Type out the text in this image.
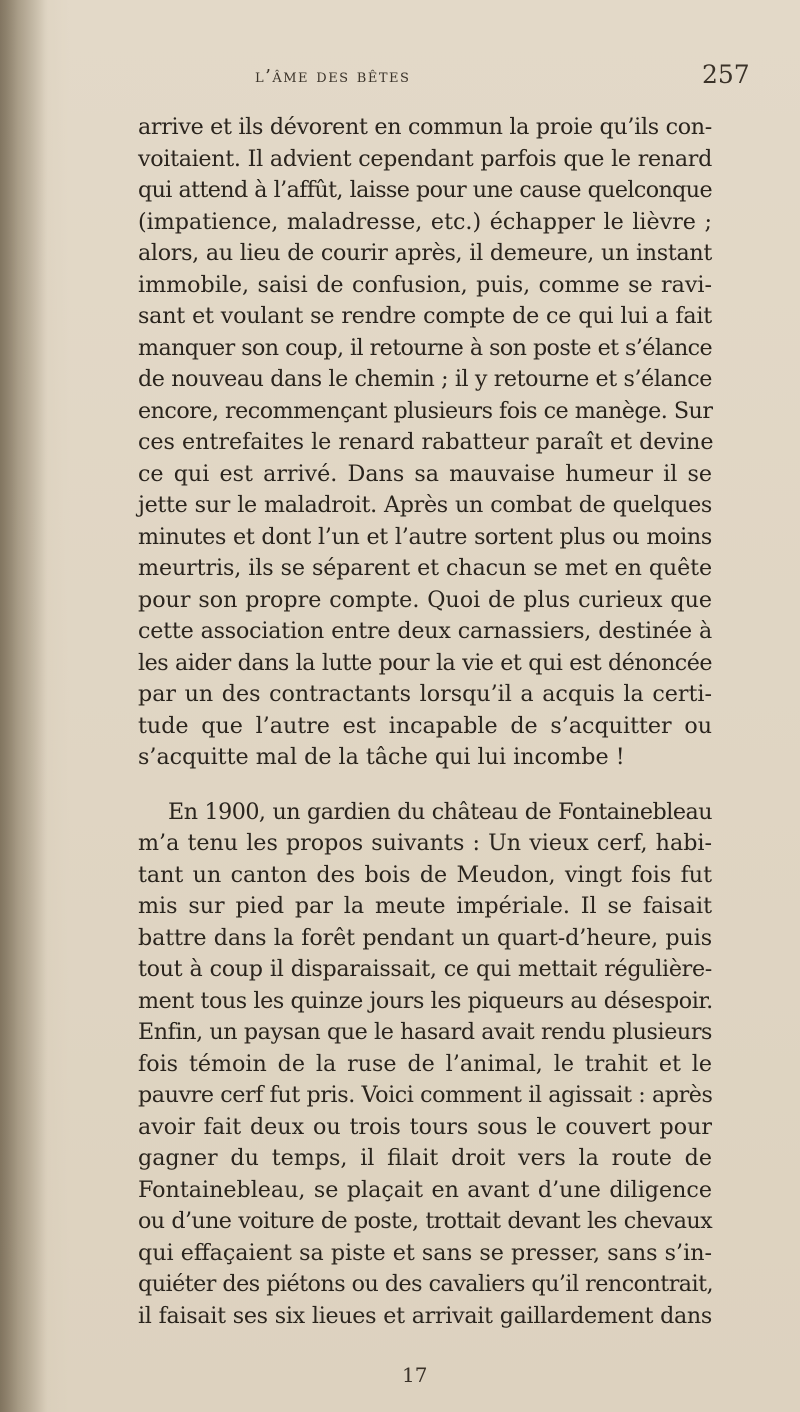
l’âme des bêtes	257
arrive et ils dévorent en commun la proie qu’ils con-
voitaient. Il advient cependant parfois que le renard
qui attend à l’affût, laisse pour une cause quelconque
(impatience, maladresse, etc.) échapper le lièvre ;
alors, au lieu de courir après, il demeure, un instant
immobile, saisi de confusion, puis, comme se ravi-
sant et voulant se rendre compte de ce qui lui a fait
manquer son coup, il retourne à son poste et s’élance
de nouveau dans le chemin ; il y retourne et s’élance
encore, recommençant plusieurs fois ce manège. Sur
ces entrefaites le renard rabatteur paraît et devine
ce qui est arrivé. Dans sa mauvaise humeur il se
jette sur le maladroit. Après un combat de quelques
minutes et dont l’un et l’autre sortent plus ou moins
meurtris, ils se séparent et chacun se met en quête
pour son propre compte. Quoi de plus curieux que
cette association entre deux carnassiers, destinée à
les aider dans la lutte pour la vie et qui est dénoncée
par un des contractants lorsqu’il a acquis la certi-
tude que l’autre est incapable de s’acquitter ou
s’acquitte mal de la tâche qui lui incombe !
En 1900, un gardien du château de Fontainebleau
m’a tenu les propos suivants : Un vieux cerf, habi-
tant un canton des bois de Meudon, vingt fois fut
mis sur pied par la meute impériale. Il se faisait
battre dans la forêt pendant un quart-d’heure, puis
tout à coup il disparaissait, ce qui mettait régulière-
ment tous les quinze jours les piqueurs au désespoir.
Enfin, un paysan que le hasard avait rendu plusieurs
fois témoin de la ruse de l’animal, le trahit et le
pauvre cerf fut pris. Voici comment il agissait : après
avoir fait deux ou trois tours sous le couvert pour
gagner du temps, il filait droit vers la route de
Fontainebleau, se plaçait en avant d’une diligence
ou d’une voiture de poste, trottait devant les chevaux
qui effaçaient sa piste et sans se presser, sans s’in-
quiéter des piétons ou des cavaliers qu’il rencontrait,
il faisait ses six lieues et arrivait gaillardement dans
17
